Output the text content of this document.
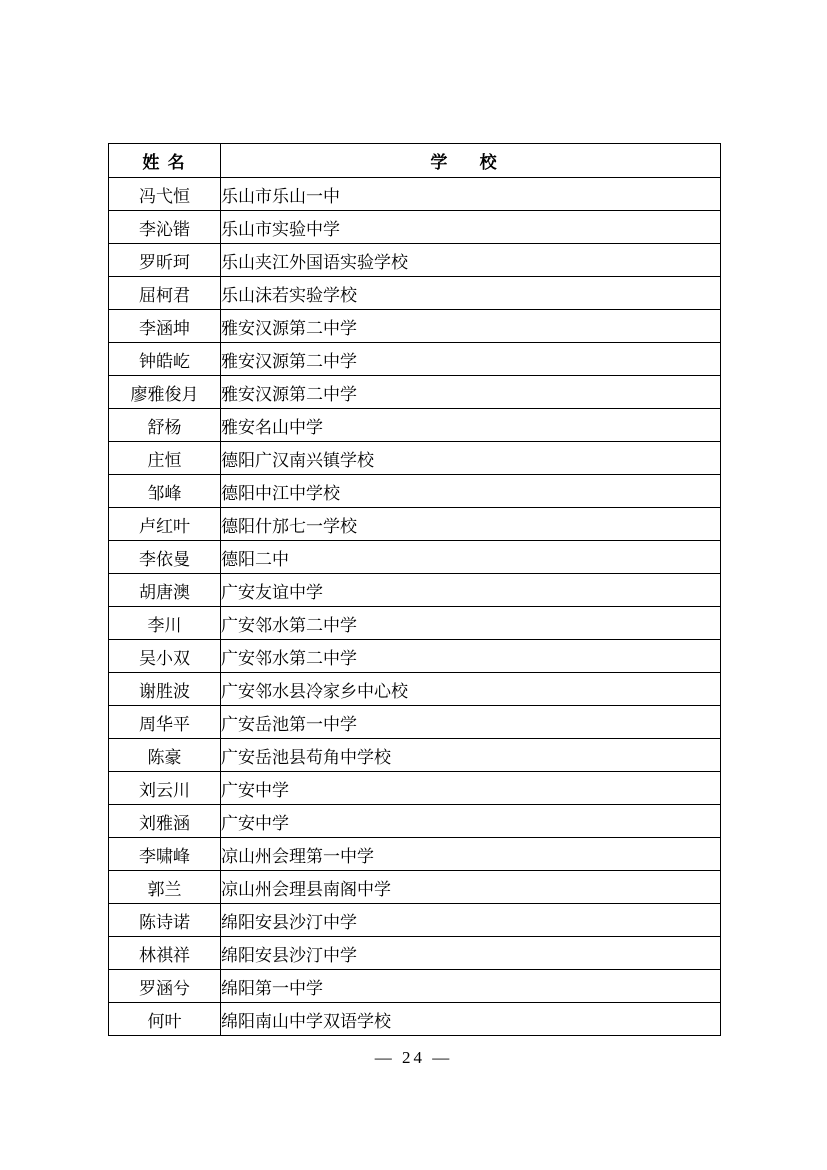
姓 名	学 校
冯弋恒	乐山市乐山一中
李沁锴	乐山市实验中学
罗昕珂	乐山夹江外国语实验学校
屈柯君	乐山沫若实验学校
李涵坤	雅安汉源第二中学
钟皓屹	雅安汉源第二中学
廖雅俊月	雅安汉源第二中学
舒杨	雅安名山中学
庄恒	德阳广汉南兴镇学校
邹峰	德阳中江中学校
卢红叶	德阳什邡七一学校
李依曼	德阳二中
胡唐澳	广安友谊中学
李川	广安邻水第二中学
吴小双	广安邻水第二中学
谢胜波	广安邻水县冷家乡中心校
周华平	广安岳池第一中学
陈豪	广安岳池县苟角中学校
刘云川	广安中学
刘雅涵	广安中学
李啸峰	凉山州会理第一中学
郭兰	凉山州会理县南阁中学
陈诗诺	绵阳安县沙汀中学
林祺祥	绵阳安县沙汀中学
罗涵兮	绵阳第一中学
何叶	绵阳南山中学双语学校
— 24 —
